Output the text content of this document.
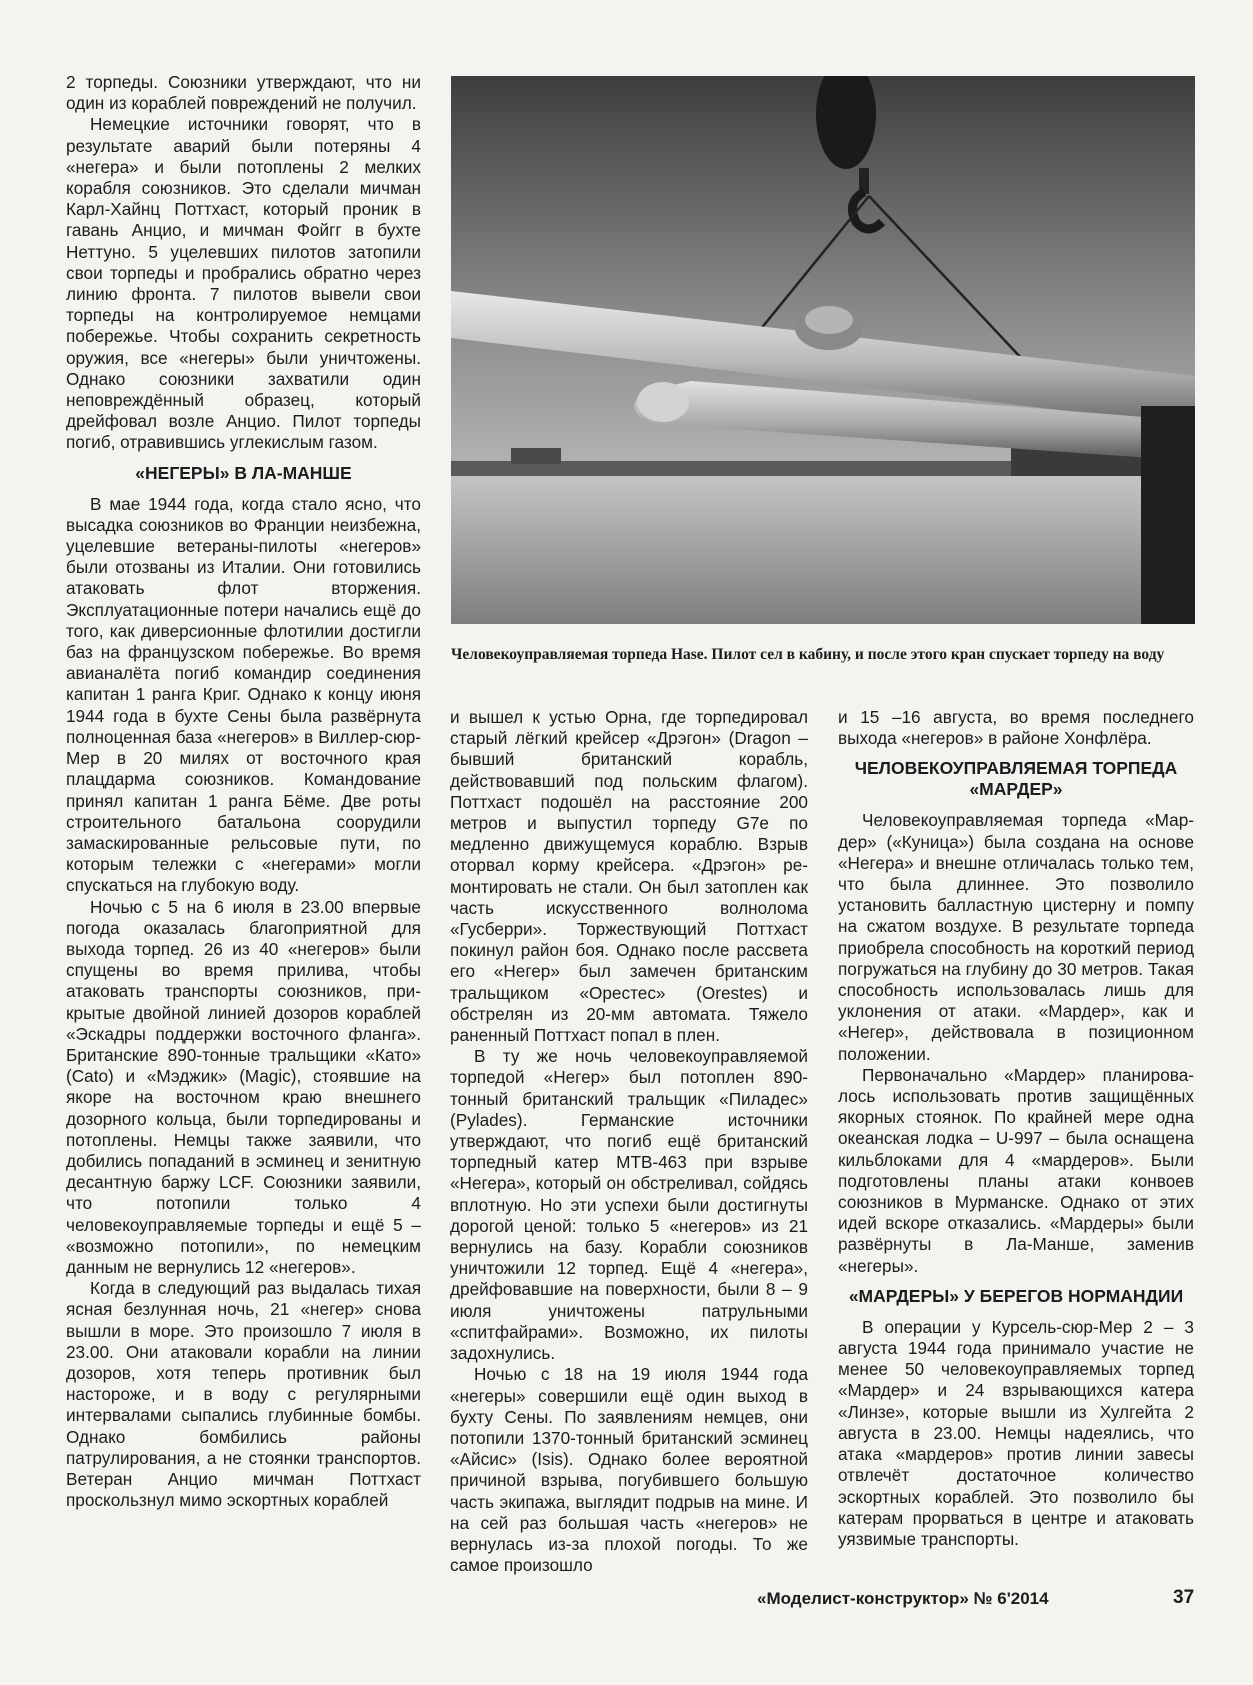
2 торпеды. Союзники утверждают, что ни один из кораблей повреждений не получил.

Немецкие источники говорят, что в результате аварий были потеряны 4 «негера» и были потоплены 2 мелких корабля союзников. Это сделали мичман Карл-Хайнц Поттхаст, который проник в гавань Анцио, и мичман Фойгг в бухте Неттуно. 5 уцелевших пилотов затопили свои торпеды и пробрались обратно через линию фронта. 7 пилотов вывели свои торпеды на контролируемое немцами побережье. Чтобы сохранить секретность оружия, все «негеры» были уничтожены. Однако союзники захватили один неповреждённый образец, который дрейфовал возле Анцио. Пилот торпеды погиб, отравившись углекислым газом.

«НЕГЕРЫ» В ЛА-МАНШЕ

В мае 1944 года, когда стало ясно, что высадка союзников во Франции неизбежна, уцелевшие ветераны-пилоты «негеров» были отозваны из Италии. Они готовились атаковать флот вторжения. Эксплуатационные потери начались ещё до того, как диверсионные флотилии достигли баз на французском побережье. Во время авианалёта погиб командир соединения капитан 1 ранга Криг. Однако к концу июня 1944 года в бухте Сены была развёрнута полноценная база «негеров» в Виллер-сюр-Мер в 20 милях от восточного края плацдарма союзников. Командование принял капитан 1 ранга Бёме. Две роты строительного батальона соорудили замаскированные рельсовые пути, по которым тележки с «негерами» могли спускаться на глубокую воду.

Ночью с 5 на 6 июля в 23.00 впервые погода оказалась благоприятной для выхода торпед. 26 из 40 «негеров» были спущены во время прилива, чтобы атаковать транспорты союзников, прикрытые двойной линией дозоров кораблей «Эскадры поддержки восточного фланга». Британские 890-тонные тральщики «Като» (Cato) и «Мэджик» (Magic), стоявшие на якоре на восточном краю внешнего дозорного кольца, были торпедированы и потоплены. Немцы также заявили, что добились попаданий в эсминец и зенитную десантную баржу LCF. Союзники заявили, что потопили только 4 человекоуправляемые торпеды и ещё 5 – «возможно потопили», по немецким данным не вернулись 12 «негеров».

Когда в следующий раз выдалась тихая ясная безлунная ночь, 21 «негер» снова вышли в море. Это произошло 7 июля в 23.00. Они атаковали корабли на линии дозоров, хотя теперь противник был настороже, и в воду с регулярными интервалами сыпались глубинные бомбы. Однако бомбились районы патрулирования, а не стоянки транспортов. Ветеран Анцио мичман Поттхаст проскользнул мимо эскортных кораблей

Человекоуправляемая торпеда Hase. Пилот сел в кабину, и после этого кран спускает торпеду на воду

и вышел к устью Орна, где торпедировал старый лёгкий крейсер «Дрэгон» (Dragon – бывший британский корабль, действовавший под польским флагом). Поттхаст подошёл на расстояние 200 метров и выпустил торпеду G7e по медленно движущемуся кораблю. Взрыв оторвал корму крейсера. «Дрэгон» ремонтировать не стали. Он был затоплен как часть искусственного волнолома «Гусберри». Торжествующий Поттхаст покинул район боя. Однако после рассвета его «Негер» был замечен британским тральщиком «Орестес» (Orestes) и обстрелян из 20-мм автомата. Тяжело раненный Поттхаст попал в плен.

В ту же ночь человекоуправляемой торпедой «Негер» был потоплен 890-тонный британский тральщик «Пиладес» (Pylades). Германские источники утверждают, что погиб ещё британский торпедный катер МТВ-463 при взрыве «Негера», который он обстреливал, сойдясь вплотную. Но эти успехи были достигнуты дорогой ценой: только 5 «негеров» из 21 вернулись на базу. Корабли союзников уничтожили 12 торпед. Ещё 4 «негера», дрейфовавшие на поверхности, были 8 – 9 июля уничтожены патрульными «спитфайрами». Возможно, их пилоты задохнулись.

Ночью с 18 на 19 июля 1944 года «негеры» совершили ещё один выход в бухту Сены. По заявлениям немцев, они потопили 1370-тонный британский эсминец «Айсис» (Isis). Однако более вероятной причиной взрыва, погубившего большую часть экипажа, выглядит подрыв на мине. И на сей раз большая часть «негеров» не вернулась из-за плохой погоды. То же самое произошло

и 15 –16 августа, во время последнего выхода «негеров» в районе Хонфлёра.

ЧЕЛОВЕКОУПРАВЛЯЕМАЯ ТОРПЕДА «МАРДЕР»

Человекоуправляемая торпеда «Мардер» («Куница») была создана на основе «Негера» и внешне отличалась только тем, что была длиннее. Это позволило установить балластную цистерну и помпу на сжатом воздухе. В результате торпеда приобрела способность на короткий период погружаться на глубину до 30 метров. Такая способность использовалась лишь для уклонения от атаки. «Мардер», как и «Негер», действовала в позиционном положении.

Первоначально «Мардер» планировалось использовать против защищённых якорных стоянок. По крайней мере одна океанская лодка – U-997 – была оснащена кильблоками для 4 «мардеров». Были подготовлены планы атаки конвоев союзников в Мурманске. Однако от этих идей вскоре отказались. «Мардеры» были развёрнуты в Ла-Манше, заменив «негеры».

«МАРДЕРЫ» У БЕРЕГОВ НОРМАНДИИ

В операции у Курсель-сюр-Мер 2 – 3 августа 1944 года принимало участие не менее 50 человекоуправляемых торпед «Мардер» и 24 взрывающихся катера «Линзе», которые вышли из Хулгейта 2 августа в 23.00. Немцы надеялись, что атака «мардеров» против линии завесы отвлечёт достаточное количество эскортных кораблей. Это позволило бы катерам прорваться в центре и атаковать уязвимые транспорты.

«Моделист-конструктор» № 6'2014	37
